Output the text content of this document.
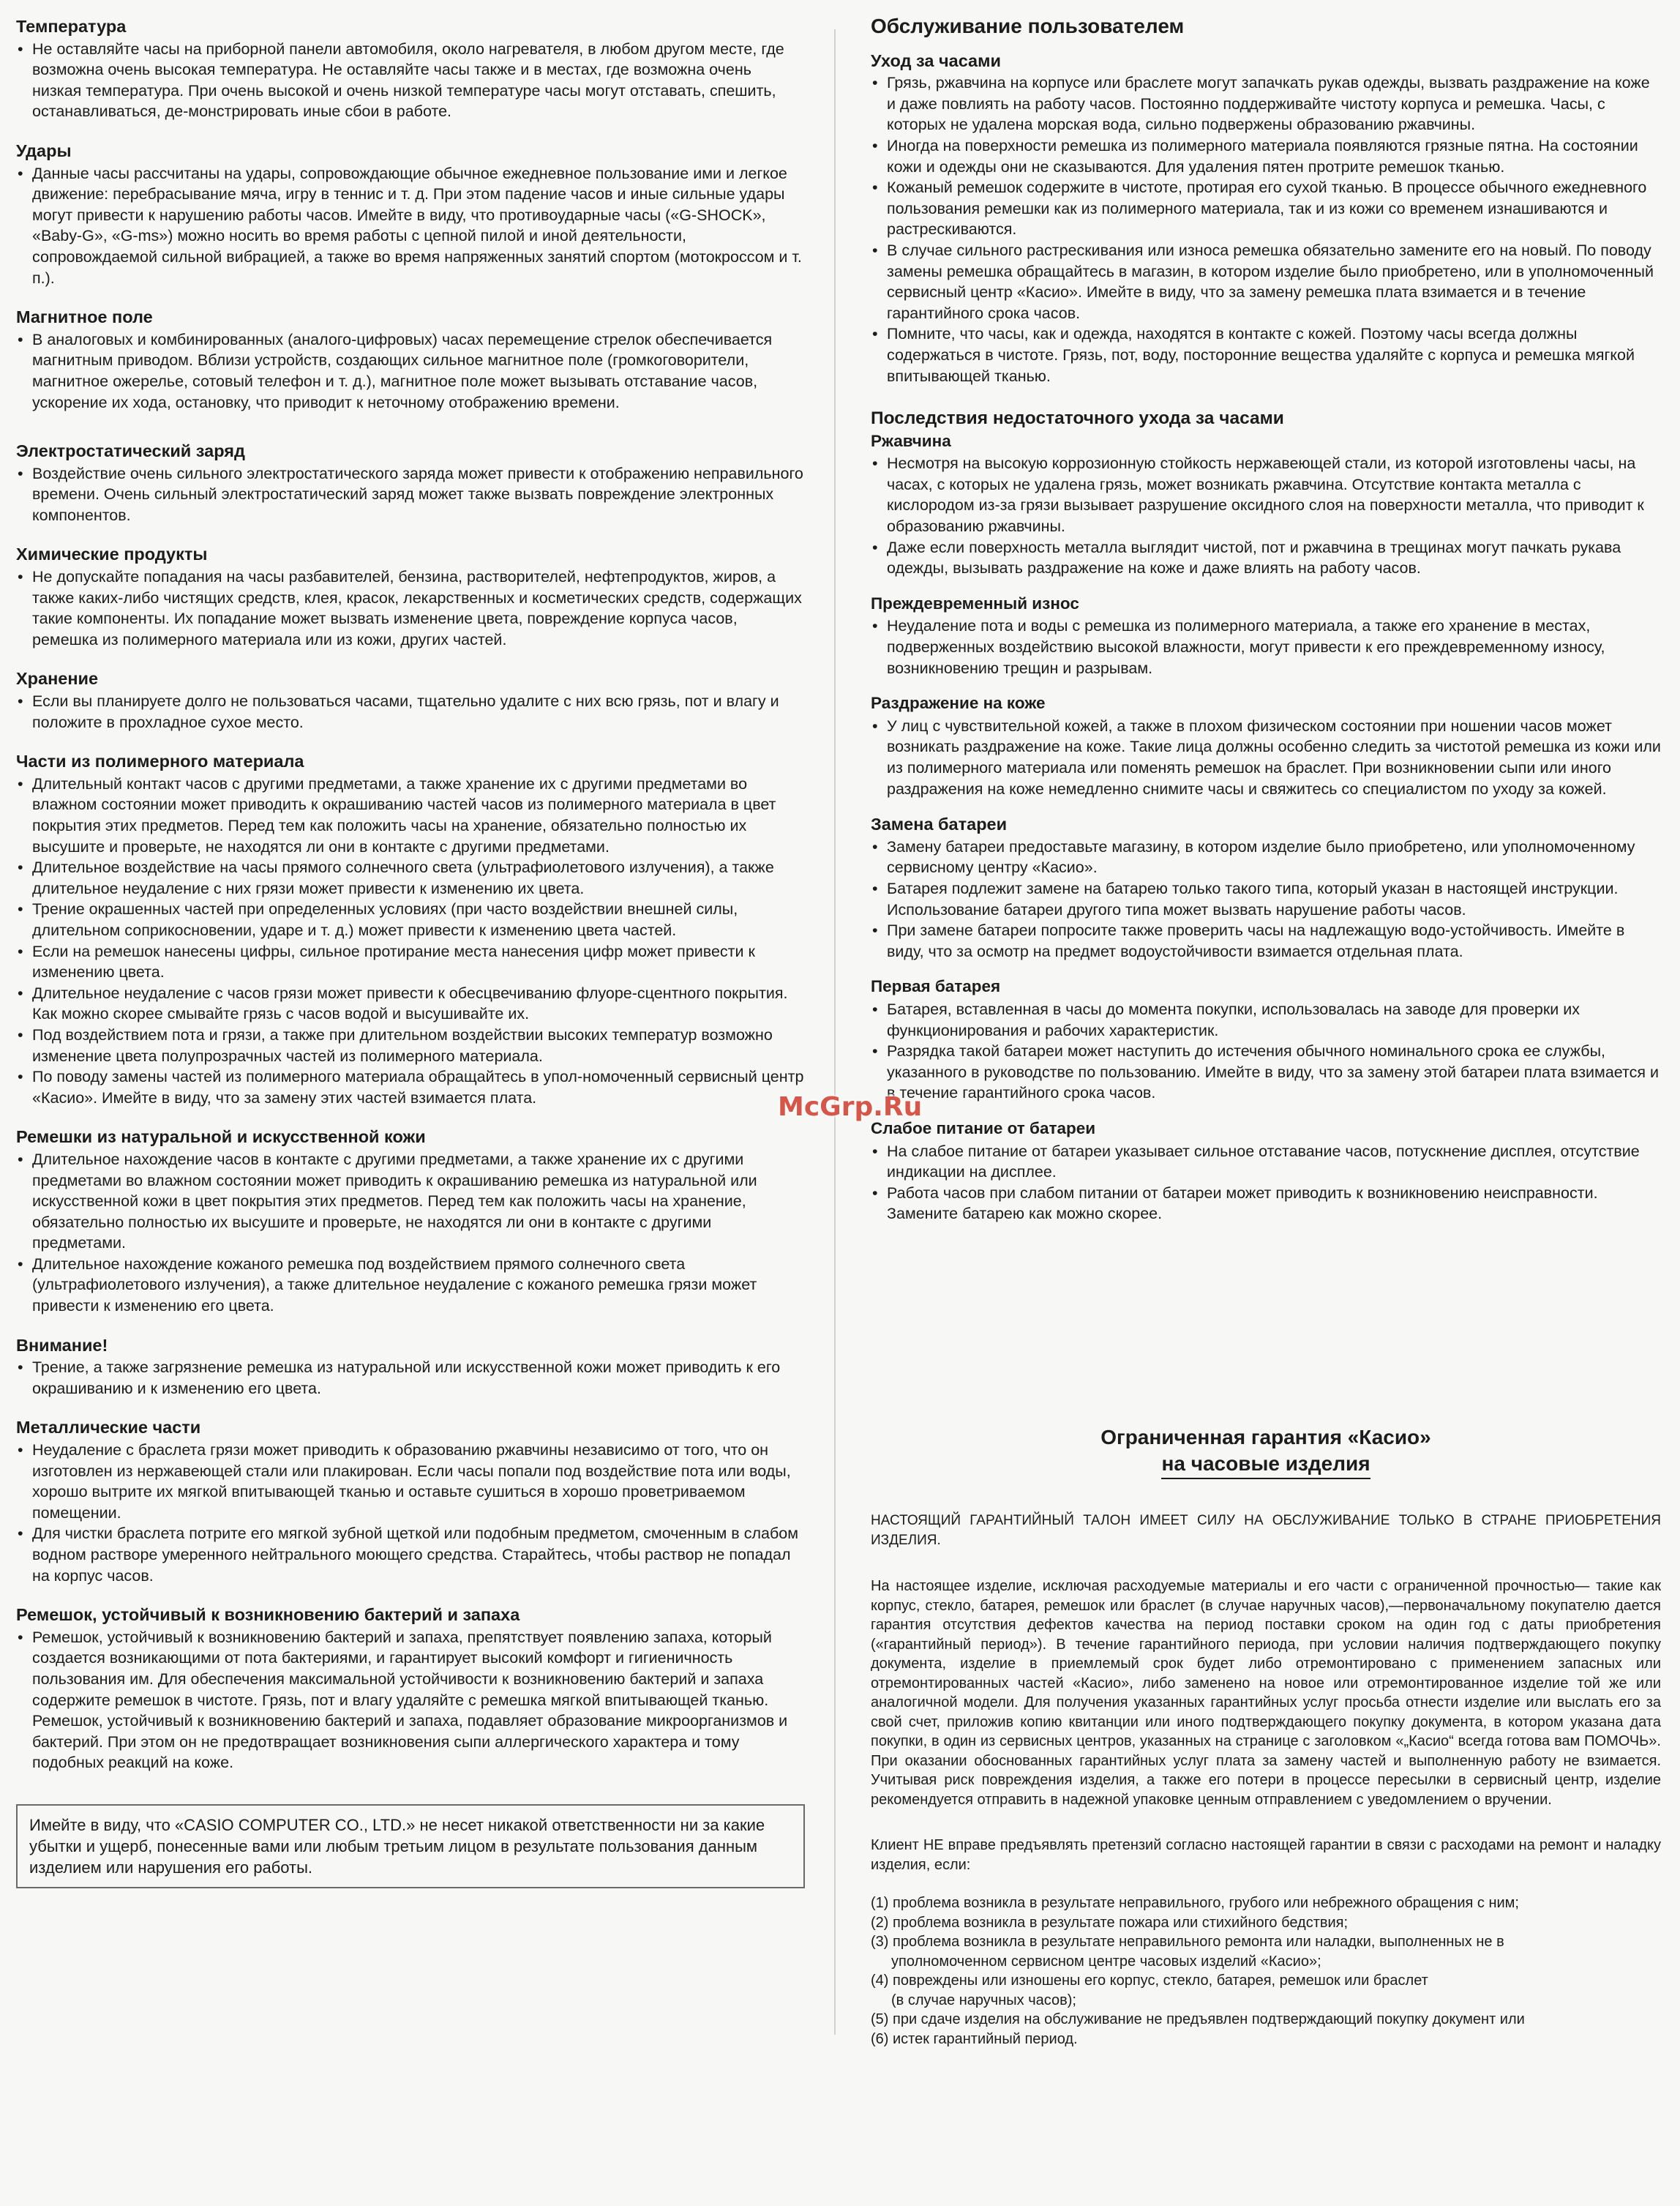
Температура
• Не оставляйте часы на приборной панели автомобиля, около нагревателя, в любом другом месте, где возможна очень высокая температура. Не оставляйте часы также и в местах, где возможна очень низкая температура. При очень высокой и очень низкой температуре часы могут отставать, спешить, останавливаться, де-монстрировать иные сбои в работе.
Удары
• Данные часы рассчитаны на удары, сопровождающие обычное ежедневное пользование ими и легкое движение: перебрасывание мяча, игру в теннис и т. д. При этом падение часов и иные сильные удары могут привести к нарушению работы часов. Имейте в виду, что противоударные часы («G-SHOCK», «Baby-G», «G-ms») можно носить во время работы с цепной пилой и иной деятельности, сопровождаемой сильной вибрацией, а также во время напряженных занятий спортом (мотокроссом и т. п.).
Магнитное поле
• В аналоговых и комбинированных (аналого-цифровых) часах перемещение стрелок обеспечивается магнитным приводом. Вблизи устройств, создающих сильное магнитное поле (громкоговорители, магнитное ожерелье, сотовый телефон и т. д.), магнитное поле может вызывать отставание часов, ускорение их хода, остановку, что приводит к неточному отображению времени.
Электростатический заряд
• Воздействие очень сильного электростатического заряда может привести к отображению неправильного времени. Очень сильный электростатический заряд может также вызвать повреждение электронных компонентов.
Химические продукты
• Не допускайте попадания на часы разбавителей, бензина, растворителей, нефтепродуктов, жиров, а также каких-либо чистящих средств, клея, красок, лекарственных и косметических средств, содержащих такие компоненты. Их попадание может вызвать изменение цвета, повреждение корпуса часов, ремешка из полимерного материала или из кожи, других частей.
Хранение
• Если вы планируете долго не пользоваться часами, тщательно удалите с них всю грязь, пот и влагу и положите в прохладное сухое место.
Части из полимерного материала
• Длительный контакт часов с другими предметами, а также хранение их с другими предметами во влажном состоянии может приводить к окрашиванию частей часов из полимерного материала в цвет покрытия этих предметов. Перед тем как положить часы на хранение, обязательно полностью их высушите и проверьте, не находятся ли они в контакте с другими предметами.
• Длительное воздействие на часы прямого солнечного света (ультрафиолетового излучения), а также длительное неудаление с них грязи может привести к изменению их цвета.
• Трение окрашенных частей при определенных условиях (при часто воздействии внешней силы, длительном соприкосновении, ударе и т. д.) может привести к изменению цвета частей.
• Если на ремешок нанесены цифры, сильное протирание места нанесения цифр может привести к изменению цвета.
• Длительное неудаление с часов грязи может привести к обесцвечиванию флуоре-сцентного покрытия. Как можно скорее смывайте грязь с часов водой и высушивайте их.
• Под воздействием пота и грязи, а также при длительном воздействии высоких температур возможно изменение цвета полупрозрачных частей из полимерного материала.
• По поводу замены частей из полимерного материала обращайтесь в упол-номоченный сервисный центр «Касио». Имейте в виду, что за замену этих частей взимается плата.
Ремешки из натуральной и искусственной кожи
• Длительное нахождение часов в контакте с другими предметами, а также хранение их с другими предметами во влажном состоянии может приводить к окрашиванию ремешка из натуральной или искусственной кожи в цвет покрытия этих предметов. Перед тем как положить часы на хранение, обязательно полностью их высушите и проверьте, не находятся ли они в контакте с другими предметами.
• Длительное нахождение кожаного ремешка под воздействием прямого солнечного света (ультрафиолетового излучения), а также длительное неудаление с кожаного ремешка грязи может привести к изменению его цвета.
Внимание!
• Трение, а также загрязнение ремешка из натуральной или искусственной кожи может приводить к его окрашиванию и к изменению его цвета.
Металлические части
• Неудаление с браслета грязи может приводить к образованию ржавчины независимо от того, что он изготовлен из нержавеющей стали или плакирован. Если часы попали под воздействие пота или воды, хорошо вытрите их мягкой впитывающей тканью и оставьте сушиться в хорошо проветриваемом помещении.
• Для чистки браслета потрите его мягкой зубной щеткой или подобным предметом, смоченным в слабом водном растворе умеренного нейтрального моющего средства. Старайтесь, чтобы раствор не попадал на корпус часов.
Ремешок, устойчивый к возникновению бактерий и запаха
• Ремешок, устойчивый к возникновению бактерий и запаха, препятствует появлению запаха, который создается возникающими от пота бактериями, и гарантирует высокий комфорт и гигиеничность пользования им. Для обеспечения максимальной устойчивости к возникновению бактерий и запаха содержите ремешок в чистоте. Грязь, пот и влагу удаляйте с ремешка мягкой впитывающей тканью. Ремешок, устойчивый к возникновению бактерий и запаха, подавляет образование микроорганизмов и бактерий. При этом он не предотвращает возникновения сыпи аллергического характера и тому подобных реакций на коже.
Имейте в виду, что «CASIO COMPUTER CO., LTD.» не несет никакой ответственности ни за какие убытки и ущерб, понесенные вами или любым третьим лицом в результате пользования данным изделием или нарушения его работы.
Обслуживание пользователем
Уход за часами
• Грязь, ржавчина на корпусе или браслете могут запачкать рукав одежды, вызвать раздражение на коже и даже повлиять на работу часов. Постоянно поддерживайте чистоту корпуса и ремешка. Часы, с которых не удалена морская вода, сильно подвержены образованию ржавчины.
• Иногда на поверхности ремешка из полимерного материала появляются грязные пятна. На состоянии кожи и одежды они не сказываются. Для удаления пятен протрите ремешок тканью.
• Кожаный ремешок содержите в чистоте, протирая его сухой тканью. В процессе обычного ежедневного пользования ремешки как из полимерного материала, так и из кожи со временем изнашиваются и растрескиваются.
• В случае сильного растрескивания или износа ремешка обязательно замените его на новый. По поводу замены ремешка обращайтесь в магазин, в котором изделие было приобретено, или в уполномоченный сервисный центр «Касио». Имейте в виду, что за замену ремешка плата взимается и в течение гарантийного срока часов.
• Помните, что часы, как и одежда, находятся в контакте с кожей. Поэтому часы всегда должны содержаться в чистоте. Грязь, пот, воду, посторонние вещества удаляйте с корпуса и ремешка мягкой впитывающей тканью.
Последствия недостаточного ухода за часами
Ржавчина
• Несмотря на высокую коррозионную стойкость нержавеющей стали, из которой изготовлены часы, на часах, с которых не удалена грязь, может возникать ржавчина. Отсутствие контакта металла с кислородом из-за грязи вызывает разрушение оксидного слоя на поверхности металла, что приводит к образованию ржавчины.
• Даже если поверхность металла выглядит чистой, пот и ржавчина в трещинах могут пачкать рукава одежды, вызывать раздражение на коже и даже влиять на работу часов.
Преждевременный износ
• Неудаление пота и воды с ремешка из полимерного материала, а также его хранение в местах, подверженных воздействию высокой влажности, могут привести к его преждевременному износу, возникновению трещин и разрывам.
Раздражение на коже
• У лиц с чувствительной кожей, а также в плохом физическом состоянии при ношении часов может возникать раздражение на коже. Такие лица должны особенно следить за чистотой ремешка из кожи или из полимерного материала или поменять ремешок на браслет. При возникновении сыпи или иного раздражения на коже немедленно снимите часы и свяжитесь со специалистом по уходу за кожей.
Замена батареи
• Замену батареи предоставьте магазину, в котором изделие было приобретено, или уполномоченному сервисному центру «Касио».
• Батарея подлежит замене на батарею только такого типа, который указан в настоящей инструкции. Использование батареи другого типа может вызвать нарушение работы часов.
• При замене батареи попросите также проверить часы на надлежащую водо-устойчивость. Имейте в виду, что за осмотр на предмет водоустойчивости взимается отдельная плата.
Первая батарея
• Батарея, вставленная в часы до момента покупки, использовалась на заводе для проверки их функционирования и рабочих характеристик.
• Разрядка такой батареи может наступить до истечения обычного номинального срока ее службы, указанного в руководстве по пользованию. Имейте в виду, что за замену этой батареи плата взимается и в течение гарантийного срока часов.
Слабое питание от батареи
• На слабое питание от батареи указывает сильное отставание часов, потускнение дисплея, отсутствие индикации на дисплее.
• Работа часов при слабом питании от батареи может приводить к возникновению неисправности. Замените батарею как можно скорее.
Ограниченная гарантия «Касио»
на часовые изделия
НАСТОЯЩИЙ ГАРАНТИЙНЫЙ ТАЛОН ИМЕЕТ СИЛУ НА ОБСЛУЖИВАНИЕ ТОЛЬКО В СТРАНЕ ПРИОБРЕТЕНИЯ ИЗДЕЛИЯ.
На настоящее изделие, исключая расходуемые материалы и его части с ограниченной прочностью— такие как корпус, стекло, батарея, ремешок или браслет (в случае наручных часов),—первоначальному покупателю дается гарантия отсутствия дефектов качества на период поставки сроком на один год с даты приобретения («гарантийный период»). В течение гарантийного периода, при условии наличия подтверждающего покупку документа, изделие в приемлемый срок будет либо отремонтировано с применением запасных или отремонтированных частей «Касио», либо заменено на новое или отремонтированное изделие той же или аналогичной модели. Для получения указанных гарантийных услуг просьба отнести изделие или выслать его за свой счет, приложив копию квитанции или иного подтверждающего покупку документа, в котором указана дата покупки, в один из сервисных центров, указанных на странице с заголовком «„Касио“ всегда готова вам ПОМОЧЬ». При оказании обоснованных гарантийных услуг плата за замену частей и выполненную работу не взимается. Учитывая риск повреждения изделия, а также его потери в процессе пересылки в сервисный центр, изделие рекомендуется отправить в надежной упаковке ценным отправлением с уведомлением о вручении.
Клиент НЕ вправе предъявлять претензий согласно настоящей гарантии в связи с расходами на ремонт и наладку изделия, если:
(1) проблема возникла в результате неправильного, грубого или небрежного обращения с ним;
(2) проблема возникла в результате пожара или стихийного бедствия;
(3) проблема возникла в результате неправильного ремонта или наладки, выполненных не в
уполномоченном сервисном центре часовых изделий «Касио»;
(4) повреждены или изношены его корпус, стекло, батарея, ремешок или браслет
(в случае наручных часов);
(5) при сдаче изделия на обслуживание не предъявлен подтверждающий покупку документ или
(6) истек гарантийный период.
McGrp.Ru
